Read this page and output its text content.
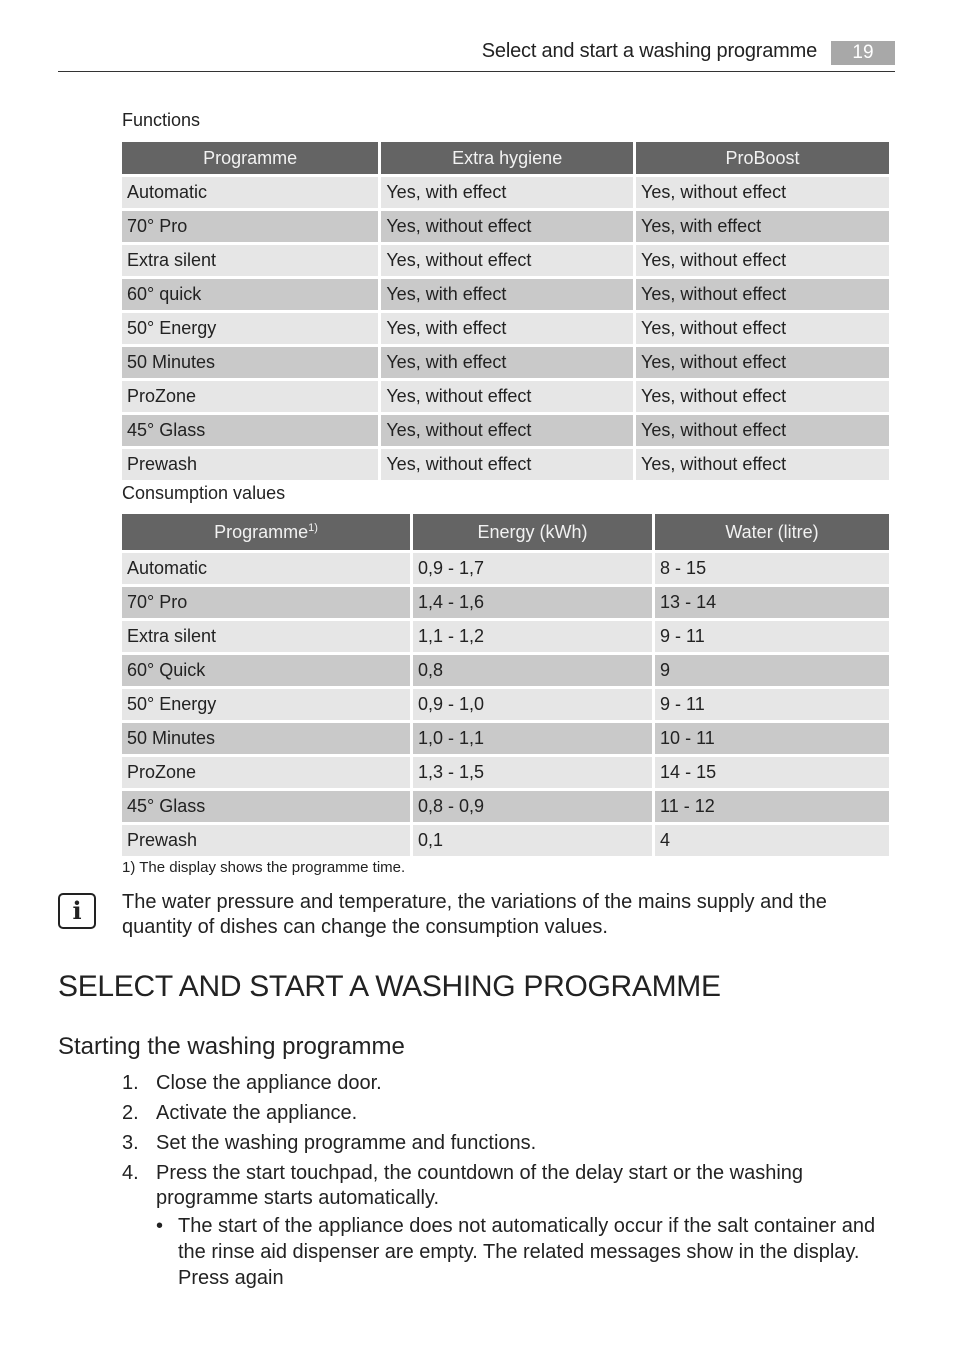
Select and start a washing programme	19
Functions
Programme	Extra hygiene	ProBoost
Automatic	Yes, with effect	Yes, without effect
70° Pro	Yes, without effect	Yes, with effect
Extra silent	Yes, without effect	Yes, without effect
60° quick	Yes, with effect	Yes, without effect
50° Energy	Yes, with effect	Yes, without effect
50 Minutes	Yes, with effect	Yes, without effect
ProZone	Yes, without effect	Yes, without effect
45° Glass	Yes, without effect	Yes, without effect
Prewash	Yes, without effect	Yes, without effect
Consumption values
Programme$^{1)}$	Energy (kWh)	Water (litre)
Automatic	0,9 - 1,7	8 - 15
70° Pro	1,4 - 1,6	13 - 14
Extra silent	1,1 - 1,2	9 - 11
60° Quick	0,8	9
50° Energy	0,9 - 1,0	9 - 11
50 Minutes	1,0 - 1,1	10 - 11
ProZone	1,3 - 1,5	14 - 15
45° Glass	0,8 - 0,9	11 - 12
Prewash	0,1	4
1) The display shows the programme time.
i	The water pressure and temperature, the variations of the mains supply and the quantity of dishes can change the consumption values.
SELECT AND START A WASHING PROGRAMME
Starting the washing programme
1. Close the appliance door.
2. Activate the appliance.
3. Set the washing programme and functions.
4. Press the start touchpad, the countdown of the delay start or the washing programme starts automatically.
• The start of the appliance does not automatically occur if the salt container and the rinse aid dispenser are empty. The related messages show in the display. Press again
